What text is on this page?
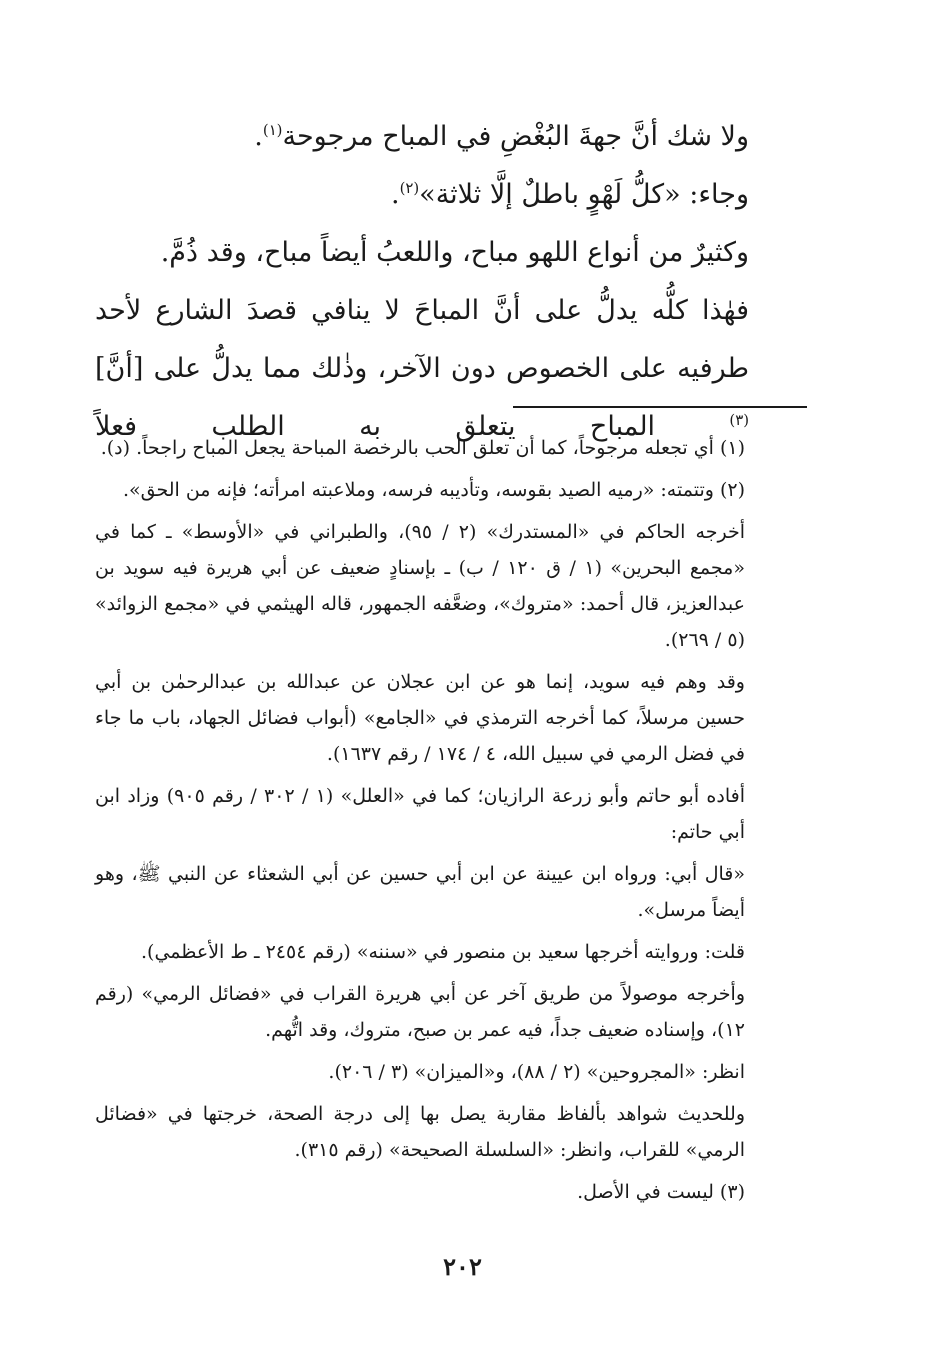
ولا شك أنَّ جهةَ البُغْضِ في المباح مرجوحة$^{(١)}$.

وجاء: «كلُّ لَهْوٍ باطلٌ إلَّا ثلاثة»$^{(٢)}$.

وكثيرٌ من أنواع اللهو مباح، واللعبُ أيضاً مباح، وقد ذُمَّ.

فهٰذا كلُّه يدلُّ على أنَّ المباحَ لا ينافي قصدَ الشارع لأحد طرفيه على الخصوص دون الآخر، وذٰلك مما يدلُّ على [أنَّ]$^{(٣)}$ المباح يتعلق به الطلب فعلاً

(١) أي تجعله مرجوحاً، كما أن تعلق الحب بالرخصة المباحة يجعل المباح راجحاً. (د).

(٢) وتتمته: «رميه الصيد بقوسه، وتأديبه فرسه، وملاعبته امرأته؛ فإنه من الحق».

أخرجه الحاكم في «المستدرك» (٢ / ٩٥)، والطبراني في «الأوسط» ـ كما في «مجمع البحرين» (١ / ق ١٢٠ / ب) ـ بإسنادٍ ضعيف عن أبي هريرة فيه سويد بن عبدالعزيز، قال أحمد: «متروك»، وضعَّفه الجمهور، قاله الهيثمي في «مجمع الزوائد» (٥ / ٢٦٩).

وقد وهم فيه سويد، إنما هو عن ابن عجلان عن عبدالله بن عبدالرحمٰن بن أبي حسين مرسلاً، كما أخرجه الترمذي في «الجامع» (أبواب فضائل الجهاد، باب ما جاء في فضل الرمي في سبيل الله، ٤ / ١٧٤ / رقم ١٦٣٧).

أفاده أبو حاتم وأبو زرعة الرازيان؛ كما في «العلل» (١ / ٣٠٢ / رقم ٩٠٥) وزاد ابن أبي حاتم:

«قال أبي: ورواه ابن عيينة عن ابن أبي حسين عن أبي الشعثاء عن النبي ﷺ، وهو أيضاً مرسل».

قلت: وروايته أخرجها سعيد بن منصور في «سننه» (رقم ٢٤٥٤ ـ ط الأعظمي).

وأخرجه موصولاً من طريق آخر عن أبي هريرة القراب في «فضائل الرمي» (رقم ١٢)، وإسناده ضعيف جداً، فيه عمر بن صبح، متروك، وقد اتُّهم.

انظر: «المجروحين» (٢ / ٨٨)، و«الميزان» (٣ / ٢٠٦).

وللحديث شواهد بألفاظ مقاربة يصل بها إلى درجة الصحة، خرجتها في «فضائل الرمي» للقراب، وانظر: «السلسلة الصحيحة» (رقم ٣١٥).

(٣) ليست في الأصل.

٢٠٢
